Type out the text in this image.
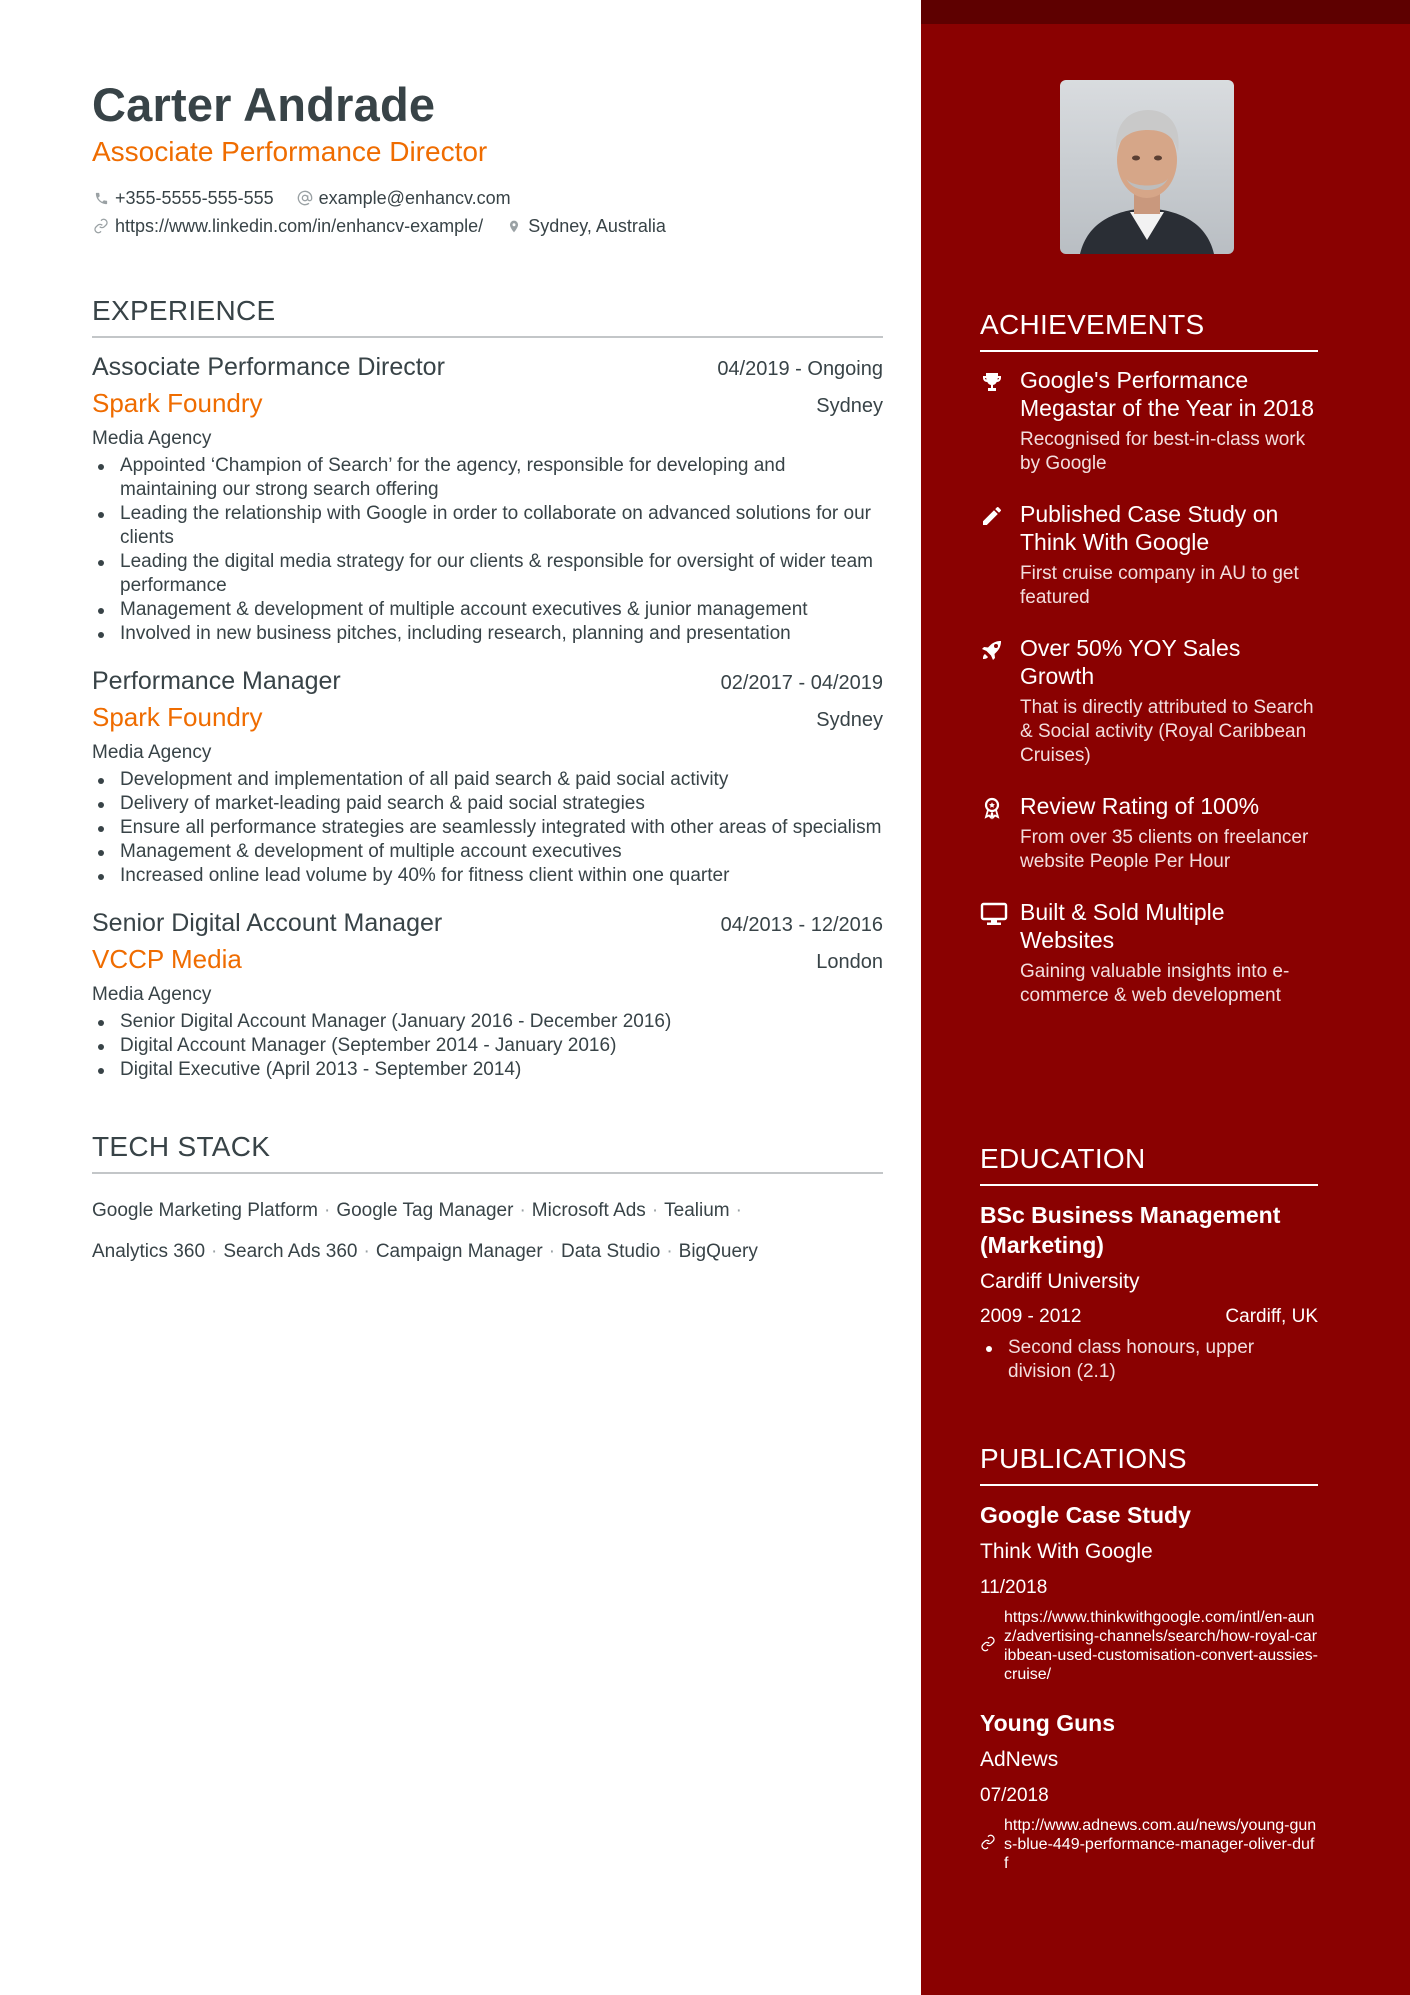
Carter Andrade
Associate Performance Director
+355-5555-555-555	example@enhancv.com
https://www.linkedin.com/in/enhancv-example/	Sydney, Australia
EXPERIENCE
Associate Performance Director	04/2019 - Ongoing
Spark Foundry	Sydney
Media Agency
Appointed ‘Champion of Search’ for the agency, responsible for developing and maintaining our strong search offering
Leading the relationship with Google in order to collaborate on advanced solutions for our clients
Leading the digital media strategy for our clients & responsible for oversight of wider team performance
Management & development of multiple account executives & junior management
Involved in new business pitches, including research, planning and presentation
Performance Manager	02/2017 - 04/2019
Spark Foundry	Sydney
Media Agency
Development and implementation of all paid search & paid social activity
Delivery of market-leading paid search & paid social strategies
Ensure all performance strategies are seamlessly integrated with other areas of specialism
Management & development of multiple account executives
Increased online lead volume by 40% for fitness client within one quarter
Senior Digital Account Manager	04/2013 - 12/2016
VCCP Media	London
Media Agency
Senior Digital Account Manager (January 2016 - December 2016)
Digital Account Manager (September 2014 - January 2016)
Digital Executive (April 2013 - September 2014)
TECH STACK
Google Marketing Platform · Google Tag Manager · Microsoft Ads · Tealium ·
Analytics 360 · Search Ads 360 · Campaign Manager · Data Studio · BigQuery
ACHIEVEMENTS
Google's Performance Megastar of the Year in 2018
Recognised for best-in-class work by Google
Published Case Study on Think With Google
First cruise company in AU to get featured
Over 50% YOY Sales Growth
That is directly attributed to Search & Social activity (Royal Caribbean Cruises)
Review Rating of 100%
From over 35 clients on freelancer website People Per Hour
Built & Sold Multiple Websites
Gaining valuable insights into e-commerce & web development
EDUCATION
BSc Business Management (Marketing)
Cardiff University
2009 - 2012	Cardiff, UK
Second class honours, upper division (2.1)
PUBLICATIONS
Google Case Study
Think With Google
11/2018
https://www.thinkwithgoogle.com/intl/en-aunz/advertising-channels/search/how-royal-caribbean-used-customisation-convert-aussies-cruise/
Young Guns
AdNews
07/2018
http://www.adnews.com.au/news/young-guns-blue-449-performance-manager-oliver-duff
